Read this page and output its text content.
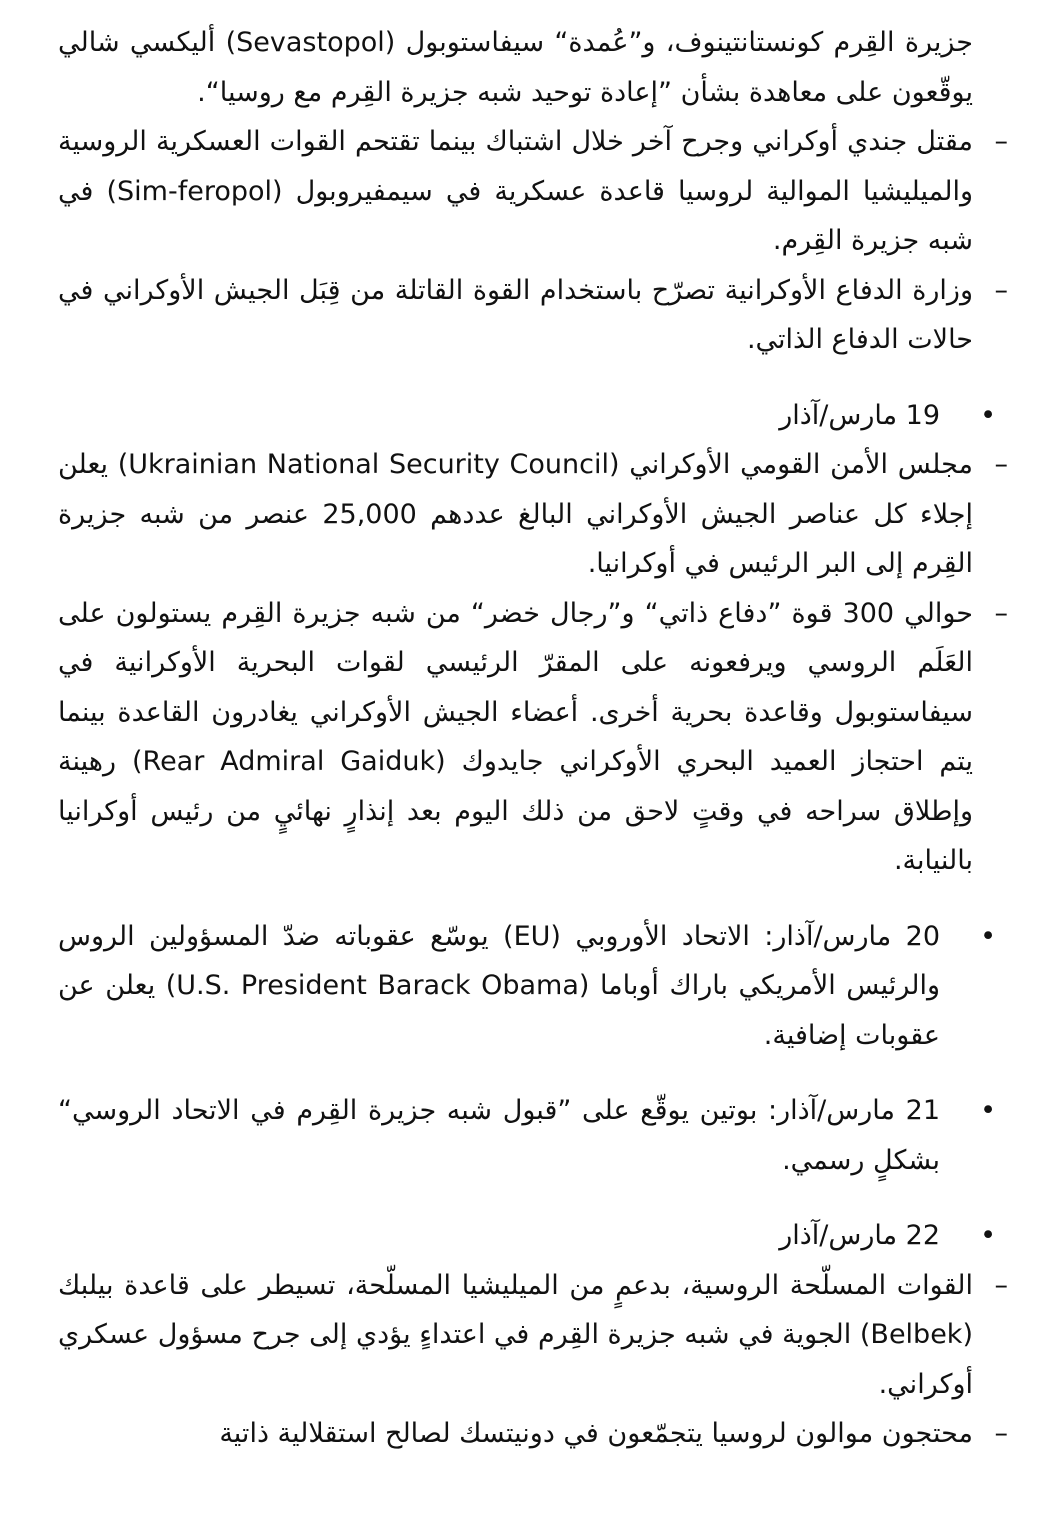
جزيرة القِرم كونستانتينوف، و”عُمدة“ سيفاستوبول (Sevastopol) أليكسي شالي يوقّعون على معاهدة بشأن ”إعادة توحيد شبه جزيرة القِرم مع روسيا“.

– مقتل جندي أوكراني وجرح آخر خلال اشتباك بينما تقتحم القوات العسكرية الروسية والميليشيا الموالية لروسيا قاعدة عسكرية في سيمفيروبول (Sim-feropol) في شبه جزيرة القِرم.

– وزارة الدفاع الأوكرانية تصرّح باستخدام القوة القاتلة من قِبَل الجيش الأوكراني في حالات الدفاع الذاتي.

• 19 مارس/آذار

– مجلس الأمن القومي الأوكراني (Ukrainian National Security Council) يعلن إجلاء كل عناصر الجيش الأوكراني البالغ عددهم 25,000 عنصر من شبه جزيرة القِرم إلى البر الرئيس في أوكرانيا.

– حوالي 300 قوة ”دفاع ذاتي“ و”رجال خضر“ من شبه جزيرة القِرم يستولون على العَلَم الروسي ويرفعونه على المقرّ الرئيسي لقوات البحرية الأوكرانية في سيفاستوبول وقاعدة بحرية أخرى. أعضاء الجيش الأوكراني يغادرون القاعدة بينما يتم احتجاز العميد البحري الأوكراني جايدوك (Rear Admiral Gaiduk) رهينة وإطلاق سراحه في وقتٍ لاحق من ذلك اليوم بعد إنذارٍ نهائيٍ من رئيس أوكرانيا بالنيابة.

• 20 مارس/آذار: الاتحاد الأوروبي (EU) يوسّع عقوباته ضدّ المسؤولين الروس والرئيس الأمريكي باراك أوباما (U.S. President Barack Obama) يعلن عن عقوبات إضافية.

• 21 مارس/آذار: بوتين يوقّع على ”قبول شبه جزيرة القِرم في الاتحاد الروسي“ بشكلٍ رسمي.

• 22 مارس/آذار

– القوات المسلّحة الروسية، بدعمٍ من الميليشيا المسلّحة، تسيطر على قاعدة بيلبك (Belbek) الجوية في شبه جزيرة القِرم في اعتداءٍ يؤدي إلى جرح مسؤول عسكري أوكراني.

– محتجون موالون لروسيا يتجمّعون في دونيتسك لصالح استقلالية ذاتية
